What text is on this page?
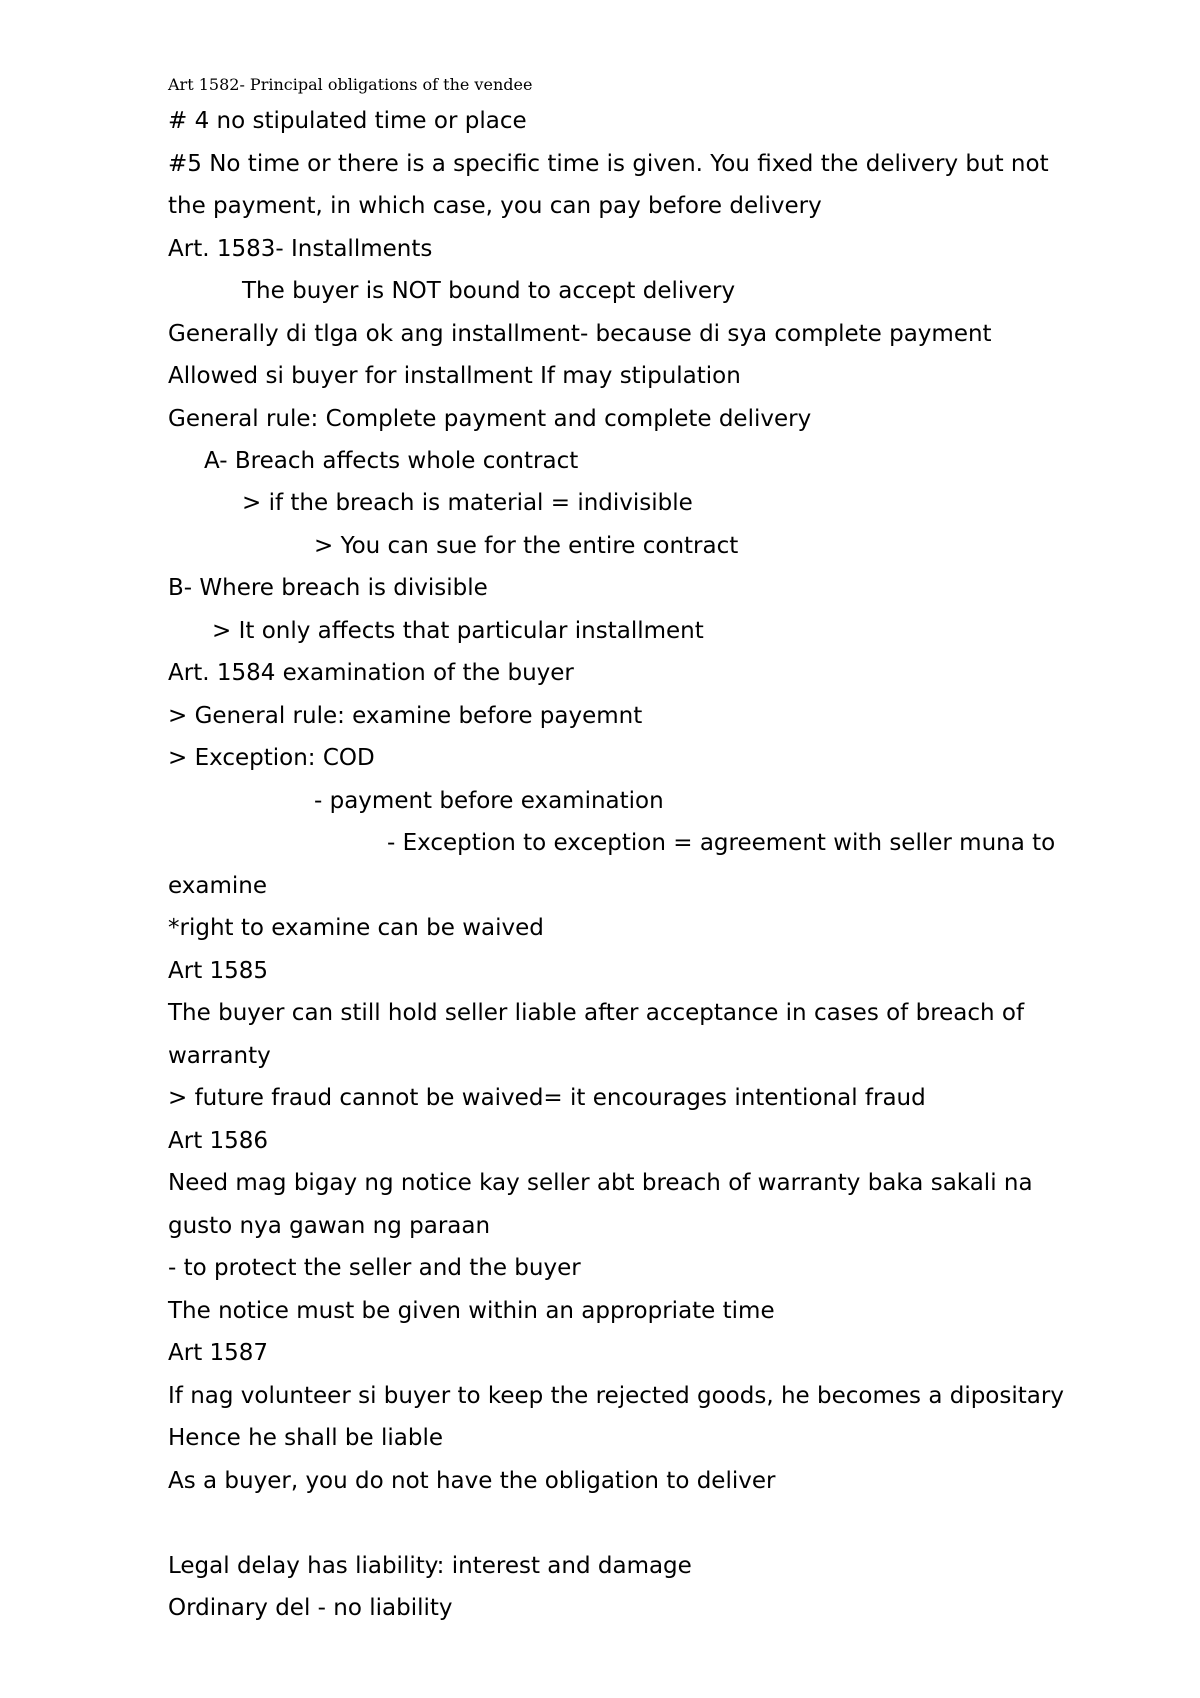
Art 1582- Principal obligations of the vendee
# 4 no stipulated time or place
#5 No time or there is a specific time is given. You fixed the delivery but not
the payment, in which case, you can pay before delivery
Art. 1583- Installments
The buyer is NOT bound to accept delivery
Generally di tlga ok ang installment- because di sya complete payment
Allowed si buyer for installment If may stipulation
General rule: Complete payment and complete delivery
A- Breach affects whole contract
> if the breach is material = indivisible
> You can sue for the entire contract
B- Where breach is divisible
> It only affects that particular installment
Art. 1584 examination of the buyer
> General rule: examine before payemnt
> Exception: COD
- payment before examination
- Exception to exception = agreement with seller muna to
examine
*right to examine can be waived
Art 1585
The buyer can still hold seller liable after acceptance in cases of breach of
warranty
> future fraud cannot be waived= it encourages intentional fraud
Art 1586
Need mag bigay ng notice kay seller abt breach of warranty baka sakali na
gusto nya gawan ng paraan
- to protect the seller and the buyer
The notice must be given within an appropriate time
Art 1587
If nag volunteer si buyer to keep the rejected goods, he becomes a dipositary
Hence he shall be liable
As a buyer, you do not have the obligation to deliver
Legal delay has liability: interest and damage
Ordinary del - no liability
